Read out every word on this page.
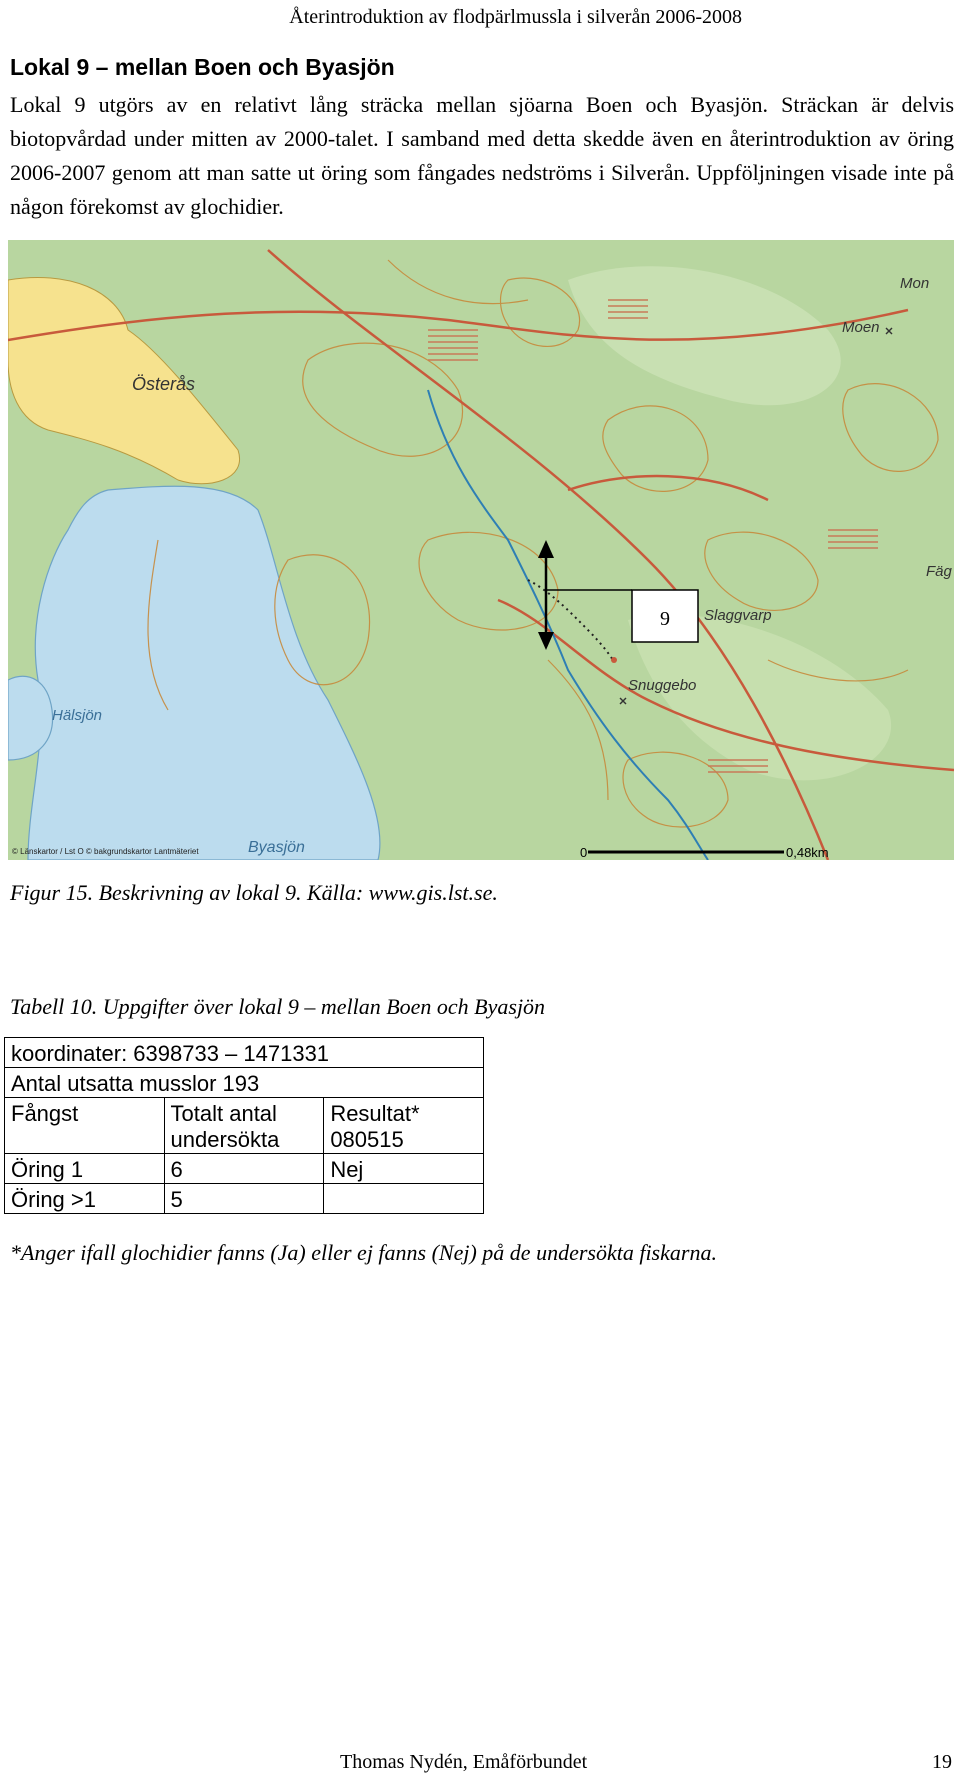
Återintroduktion av flodpärlmussla i silverån 2006-2008
Lokal 9 – mellan Boen och Byasjön

Lokal 9 utgörs av en relativt lång sträcka mellan sjöarna Boen och Byasjön. Sträckan är delvis biotopvårdad under mitten av 2000-talet. I samband med detta skedde även en återintroduktion av öring 2006-2007 genom att man satte ut öring som fångades nedströms i Silverån. Uppföljningen visade inte på någon förekomst av glochidier.

9
Mon
Moen
Österås
Slaggvarp
Snuggebo
Hälsjön
Byasjön
Fäg
© Länskartor / Lst O © bakgrundskartor Lantmäteriet	0	0,48km
Figur 15. Beskrivning av lokal 9. Källa: www.gis.lst.se.
Tabell 10. Uppgifter över lokal 9 – mellan Boen och Byasjön
koordinater: 6398733 – 1471331		
Antal utsatta musslor 193		
Fångst	Totalt antal undersökta	Resultat* 080515
Öring 1	6	Nej
Öring >1	5	
*Anger ifall glochidier fanns (Ja) eller ej fanns (Nej) på de undersökta fiskarna.
Thomas Nydén, Emåförbundet	19
